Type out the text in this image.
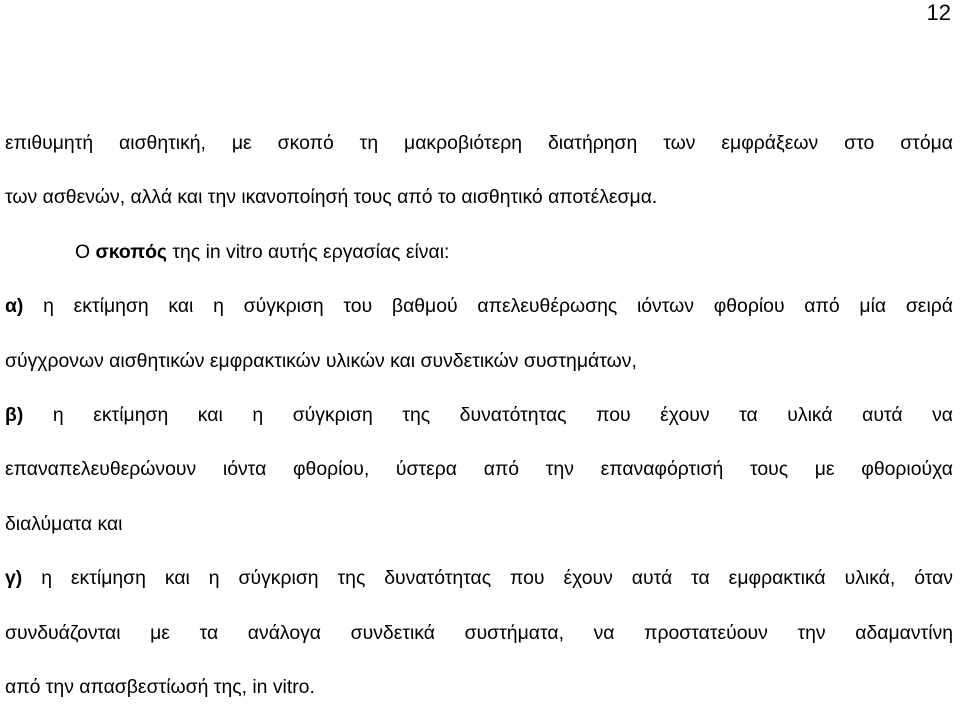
12
επιθυμητή αισθητική, με σκοπό τη μακροβιότερη διατήρηση των εμφράξεων στο στόμα
των ασθενών, αλλά και την ικανοποίησή τους από το αισθητικό αποτέλεσμα.
Ο σκοπός της in vitro αυτής εργασίας είναι:
α) η εκτίμηση και η σύγκριση του βαθμού απελευθέρωσης ιόντων φθορίου από μία σειρά
σύγχρονων αισθητικών εμφρακτικών υλικών και συνδετικών συστημάτων,
β) η εκτίμηση και η σύγκριση της δυνατότητας που έχουν τα υλικά αυτά να
επαναπελευθερώνουν ιόντα φθορίου, ύστερα από την επαναφόρτισή τους με φθοριούχα
διαλύματα και
γ) η εκτίμηση και η σύγκριση της δυνατότητας που έχουν αυτά τα εμφρακτικά υλικά, όταν
συνδυάζονται με τα ανάλογα συνδετικά συστήματα, να προστατεύουν την αδαμαντίνη
από την απασβεστίωσή της, in vitro.
